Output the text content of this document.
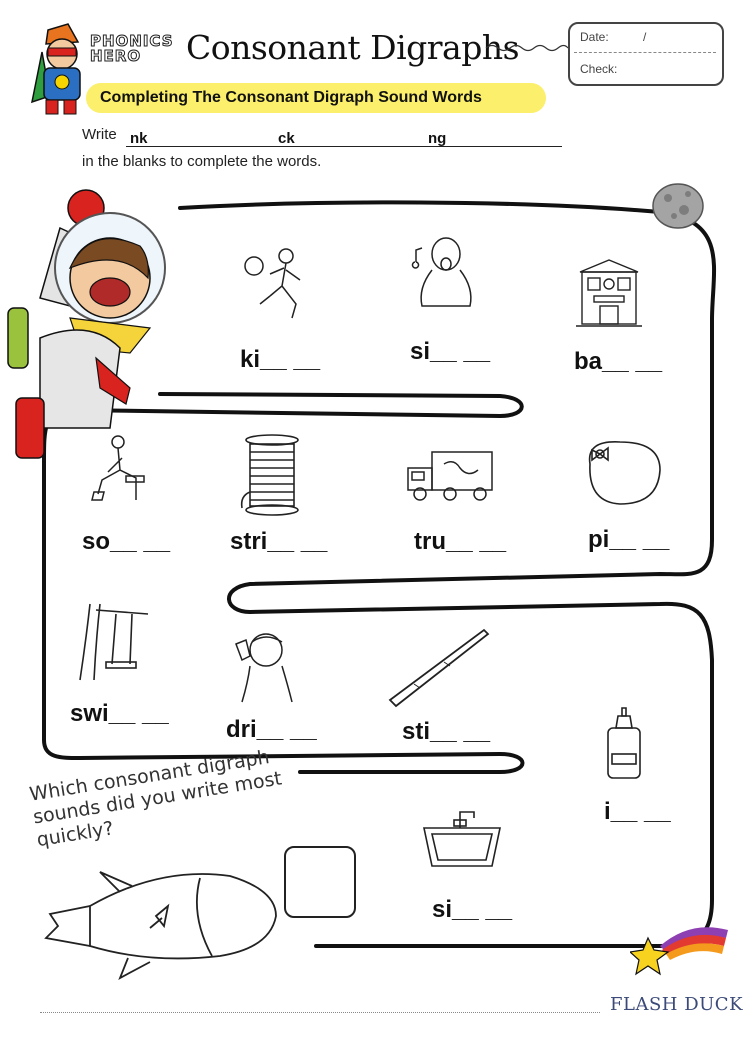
PHONICS
HERO	Consonant Digraphs	Date:	/
Check:
Completing The Consonant Digraph Sound Words
Write nk	ck	ng
in the blanks to complete the words.
ki__ __	si__ __	ba__ __
so__ __ stri__ __	tru__ __	pi__ __
swi__ __
dri__ __	sti__ __
i__ __
si__ __
Which consonant digraph sounds did you write most quickly?
FLASH DUCK
